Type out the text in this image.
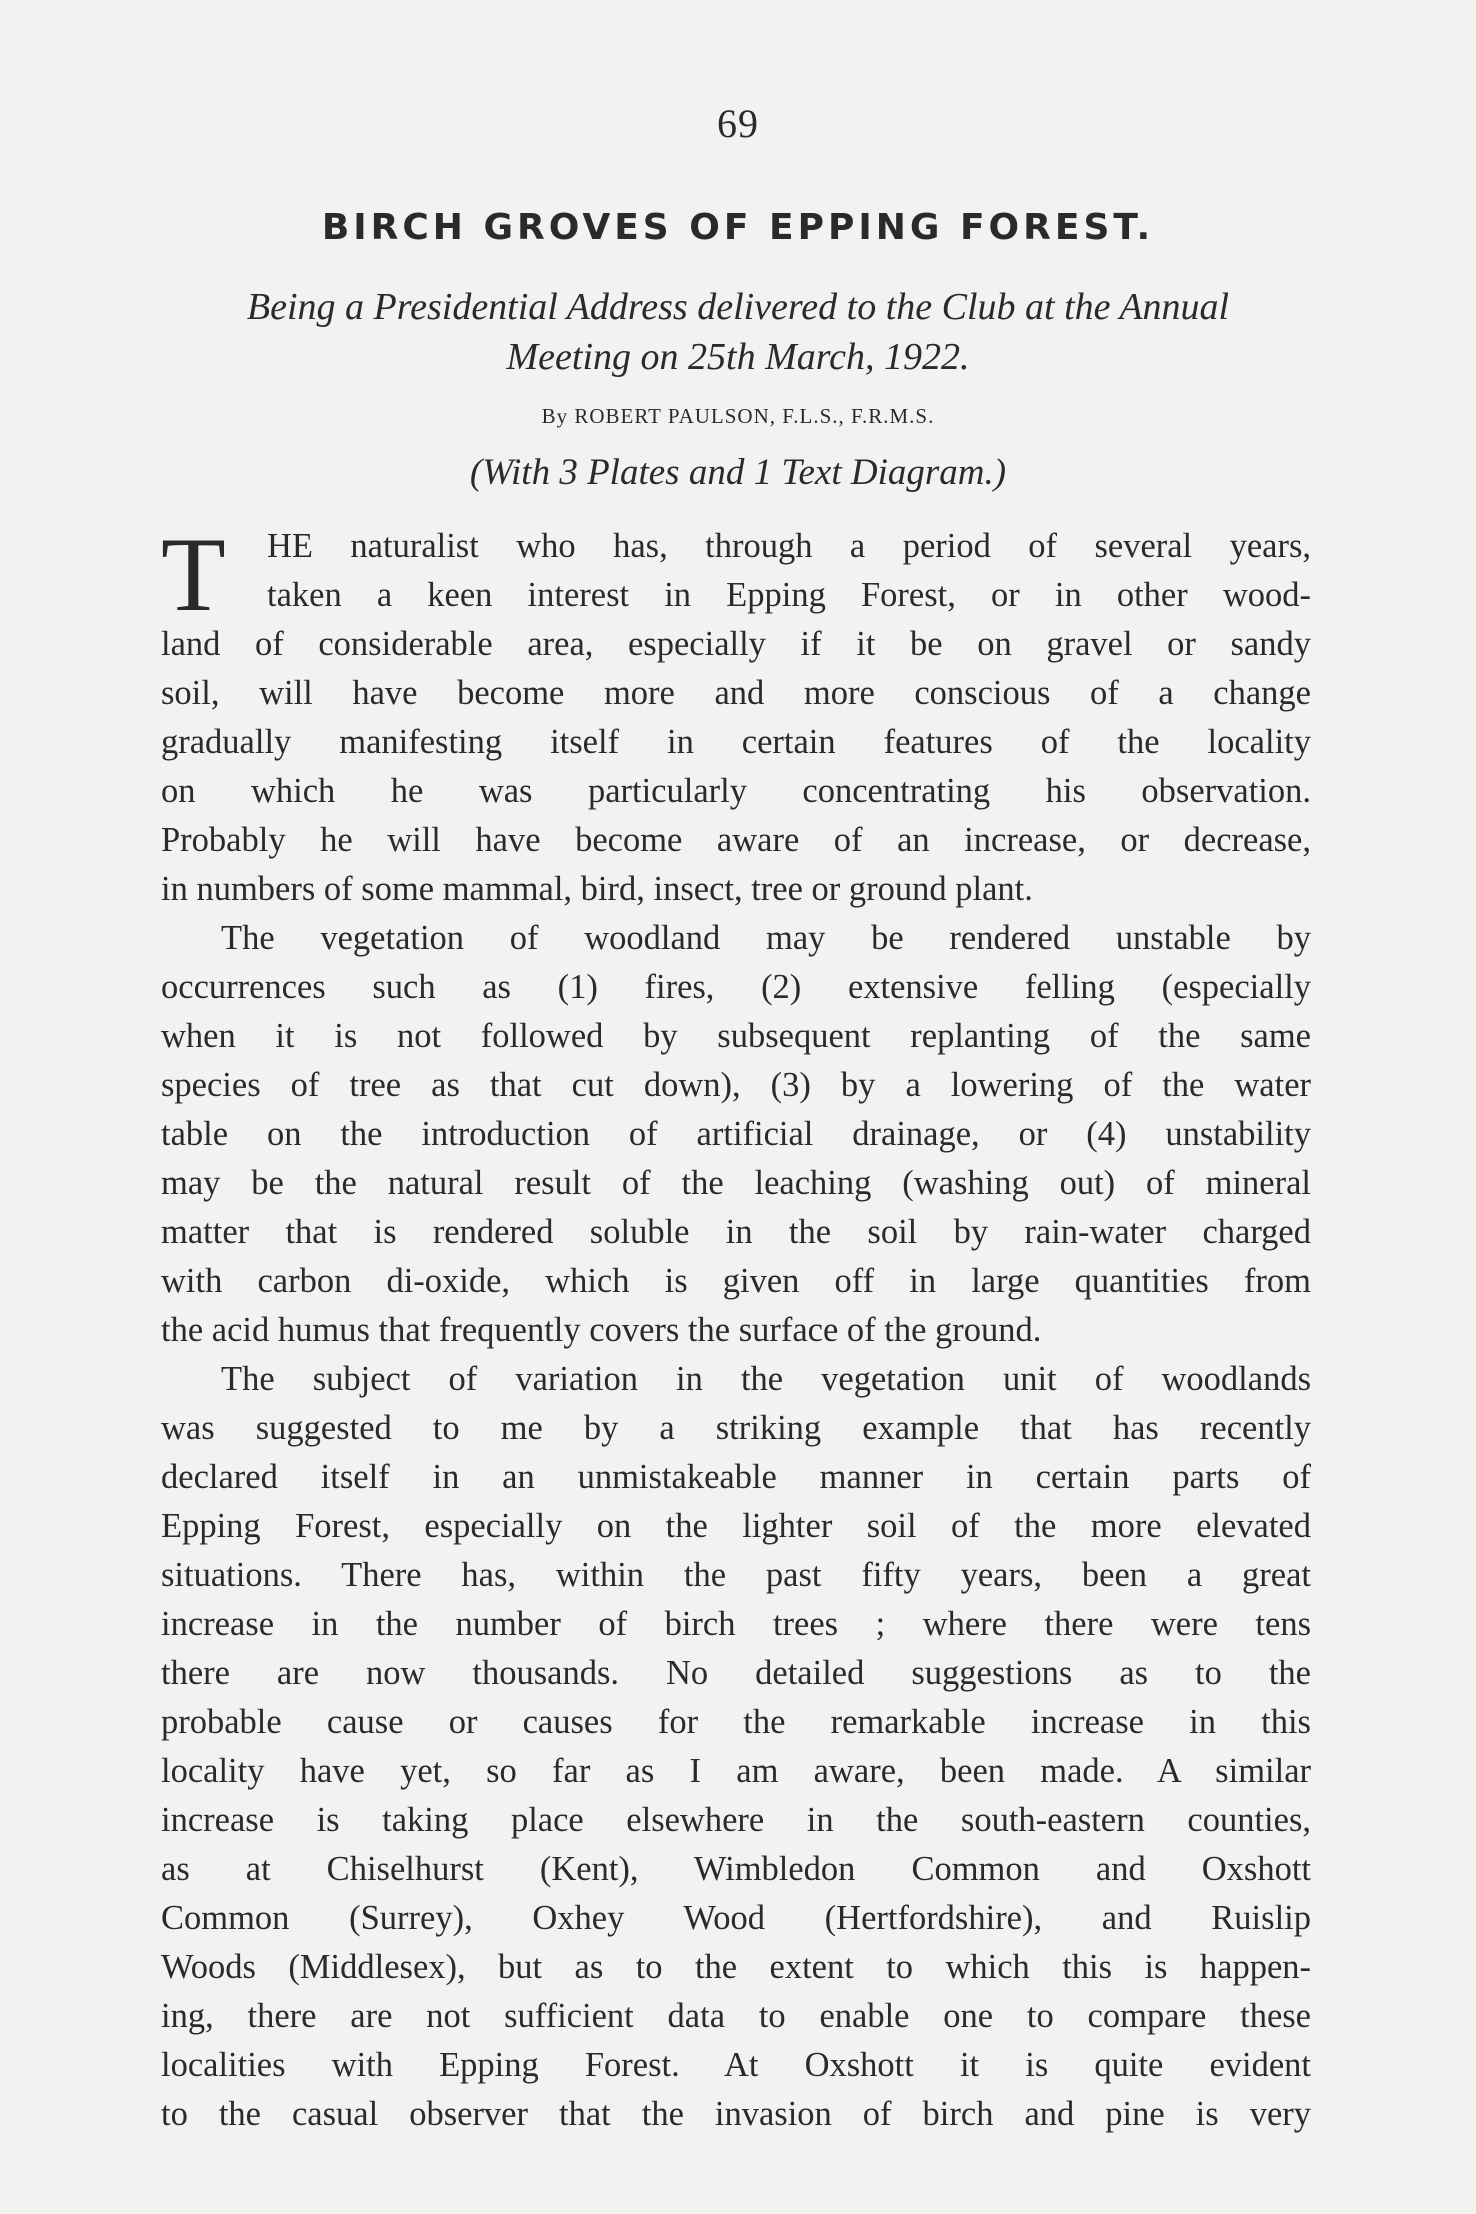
69
BIRCH GROVES OF EPPING FOREST.
Being a Presidential Address delivered to the Club at the Annual
Meeting on 25th March, 1922.
By ROBERT PAULSON, F.L.S., F.R.M.S.
(With 3 Plates and 1 Text Diagram.)
T	HE naturalist who has, through a period of several years,
taken a keen interest in Epping Forest, or in other wood-
land of considerable area, especially if it be on gravel or sandy
soil, will have become more and more conscious of a change
gradually manifesting itself in certain features of the locality
on which he was particularly concentrating his observation.
Probably he will have become aware of an increase, or decrease,
in numbers of some mammal, bird, insect, tree or ground plant.
The vegetation of woodland may be rendered unstable by
occurrences such as (1) fires, (2) extensive felling (especially
when it is not followed by subsequent replanting of the same
species of tree as that cut down), (3) by a lowering of the water
table on the introduction of artificial drainage, or (4) unstability
may be the natural result of the leaching (washing out) of mineral
matter that is rendered soluble in the soil by rain-water charged
with carbon di-oxide, which is given off in large quantities from
the acid humus that frequently covers the surface of the ground.
The subject of variation in the vegetation unit of woodlands
was suggested to me by a striking example that has recently
declared itself in an unmistakeable manner in certain parts of
Epping Forest, especially on the lighter soil of the more elevated
situations. There has, within the past fifty years, been a great
increase in the number of birch trees ; where there were tens
there are now thousands. No detailed suggestions as to the
probable cause or causes for the remarkable increase in this
locality have yet, so far as I am aware, been made. A similar
increase is taking place elsewhere in the south-eastern counties,
as at Chiselhurst (Kent), Wimbledon Common and Oxshott
Common (Surrey), Oxhey Wood (Hertfordshire), and Ruislip
Woods (Middlesex), but as to the extent to which this is happen-
ing, there are not sufficient data to enable one to compare these
localities with Epping Forest. At Oxshott it is quite evident
to the casual observer that the invasion of birch and pine is very
